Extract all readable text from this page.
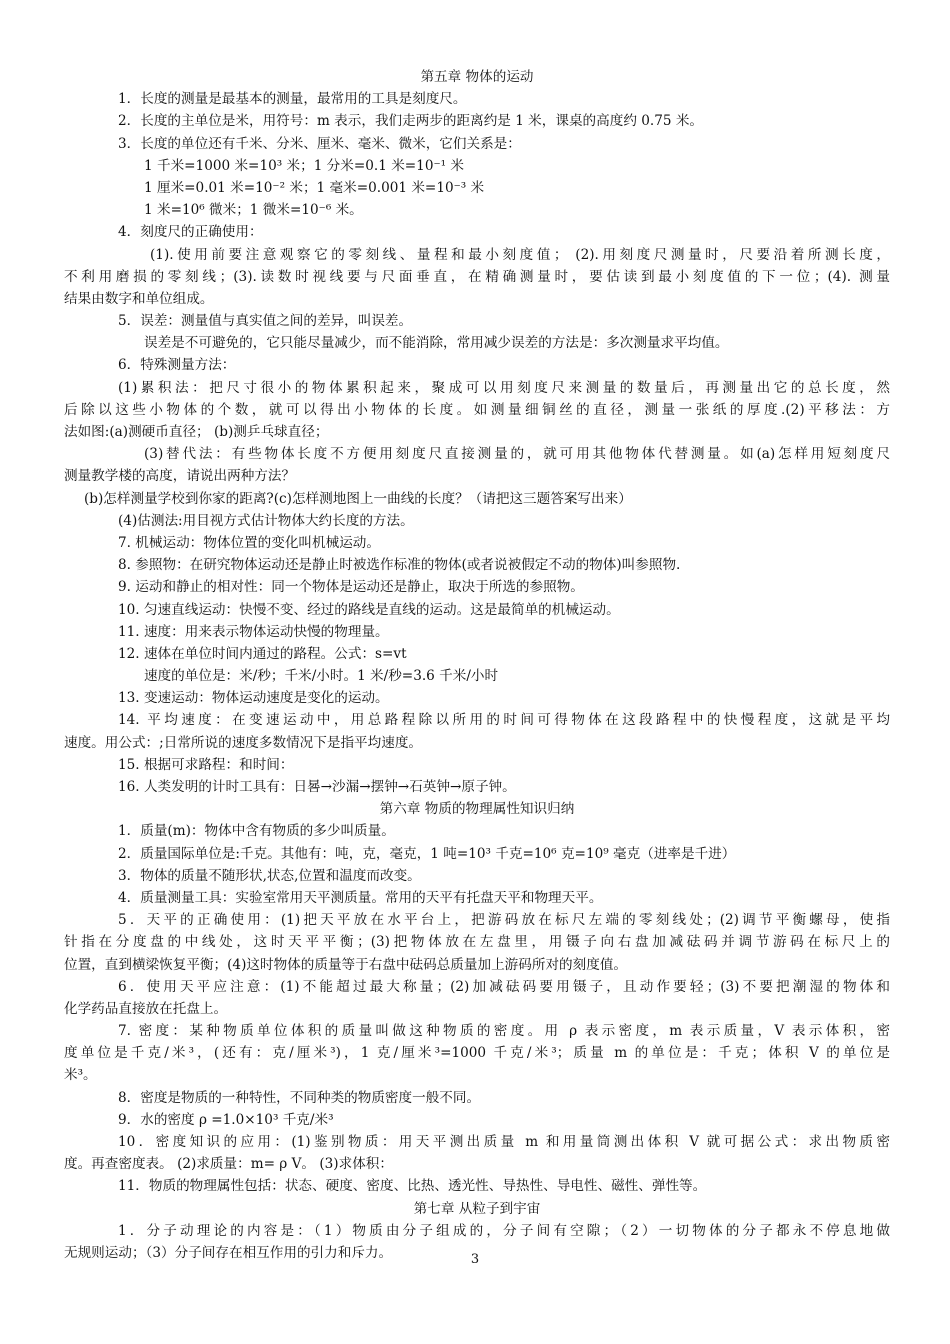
第五章 物体的运动
1．长度的测量是最基本的测量，最常用的工具是刻度尺。
2．长度的主单位是米，用符号：m 表示，我们走两步的距离约是 1 米，课桌的高度约 0.75 米。
3．长度的单位还有千米、分米、厘米、毫米、微米，它们关系是：
1 千米=1000 米=10³ 米；1 分米=0.1 米=10⁻¹ 米
1 厘米=0.01 米=10⁻² 米；1 毫米=0.001 米=10⁻³ 米
1 米=10⁶ 微米；1 微米=10⁻⁶ 米。
4．刻度尺的正确使用：
(1).使用前要注意观察它的零刻线、量程和最小刻度值； (2).用刻度尺测量时，尺要沿着所测长度，
不利用磨损的零刻线；(3).读数时视线要与尺面垂直，在精确测量时，要估读到最小刻度值的下一位；(4). 测量
结果由数字和单位组成。
5．误差：测量值与真实值之间的差异，叫误差。
误差是不可避免的，它只能尽量减少，而不能消除，常用减少误差的方法是：多次测量求平均值。
6．特殊测量方法：
(1)累积法：把尺寸很小的物体累积起来，聚成可以用刻度尺来测量的数量后，再测量出它的总长度，然
后除以这些小物体的个数，就可以得出小物体的长度。如测量细铜丝的直径，测量一张纸的厚度.(2)平移法：方
法如图:(a)测硬币直径； (b)测乒乓球直径；
(3)替代法：有些物体长度不方便用刻度尺直接测量的，就可用其他物体代替测量。如(a)怎样用短刻度尺
测量教学楼的高度，请说出两种方法？
(b)怎样测量学校到你家的距离?(c)怎样测地图上一曲线的长度？（请把这三题答案写出来）
(4)估测法:用目视方式估计物体大约长度的方法。
7. 机械运动：物体位置的变化叫机械运动。
8. 参照物：在研究物体运动还是静止时被选作标准的物体(或者说被假定不动的物体)叫参照物.
9. 运动和静止的相对性：同一个物体是运动还是静止，取决于所选的参照物。
10. 匀速直线运动：快慢不变、经过的路线是直线的运动。这是最简单的机械运动。
11. 速度：用来表示物体运动快慢的物理量。
12. 速体在单位时间内通过的路程。公式：s=vt
速度的单位是：米/秒；千米/小时。1 米/秒=3.6 千米/小时
13. 变速运动：物体运动速度是变化的运动。
14. 平均速度：在变速运动中，用总路程除以所用的时间可得物体在这段路程中的快慢程度，这就是平均
速度。用公式：;日常所说的速度多数情况下是指平均速度。
15. 根据可求路程：和时间：
16. 人类发明的计时工具有：日晷→沙漏→摆钟→石英钟→原子钟。
第六章 物质的物理属性知识归纳
1．质量(m)：物体中含有物质的多少叫质量。
2．质量国际单位是:千克。其他有：吨，克，毫克，1 吨=10³ 千克=10⁶ 克=10⁹ 毫克（进率是千进）
3．物体的质量不随形状,状态,位置和温度而改变。
4．质量测量工具：实验室常用天平测质量。常用的天平有托盘天平和物理天平。
5．天平的正确使用：(1)把天平放在水平台上，把游码放在标尺左端的零刻线处；(2)调节平衡螺母，使指
针指在分度盘的中线处，这时天平平衡；(3)把物体放在左盘里，用镊子向右盘加减砝码并调节游码在标尺上的
位置，直到横梁恢复平衡；(4)这时物体的质量等于右盘中砝码总质量加上游码所对的刻度值。
6．使用天平应注意：(1)不能超过最大称量；(2)加减砝码要用镊子，且动作要轻；(3)不要把潮湿的物体和
化学药品直接放在托盘上。
7. 密度：某种物质单位体积的质量叫做这种物质的密度。用 ρ 表示密度，m 表示质量，V 表示体积，密
度单位是千克/米³，(还有：克/厘米³)，1 克/厘米³=1000 千克/米³；质量 m 的单位是：千克；体积 V 的单位是
米³。
8．密度是物质的一种特性，不同种类的物质密度一般不同。
9．水的密度 ρ =1.0×10³ 千克/米³
10．密度知识的应用：(1)鉴别物质：用天平测出质量 m 和用量筒测出体积 V 就可据公式：求出物质密
度。再查密度表。 (2)求质量：m= ρ V。 (3)求体积：
11．物质的物理属性包括：状态、硬度、密度、比热、透光性、导热性、导电性、磁性、弹性等。
第七章 从粒子到宇宙
1．分子动理论的内容是：（1）物质由分子组成的，分子间有空隙；（2）一切物体的分子都永不停息地做
无规则运动；（3）分子间存在相互作用的引力和斥力。	3
